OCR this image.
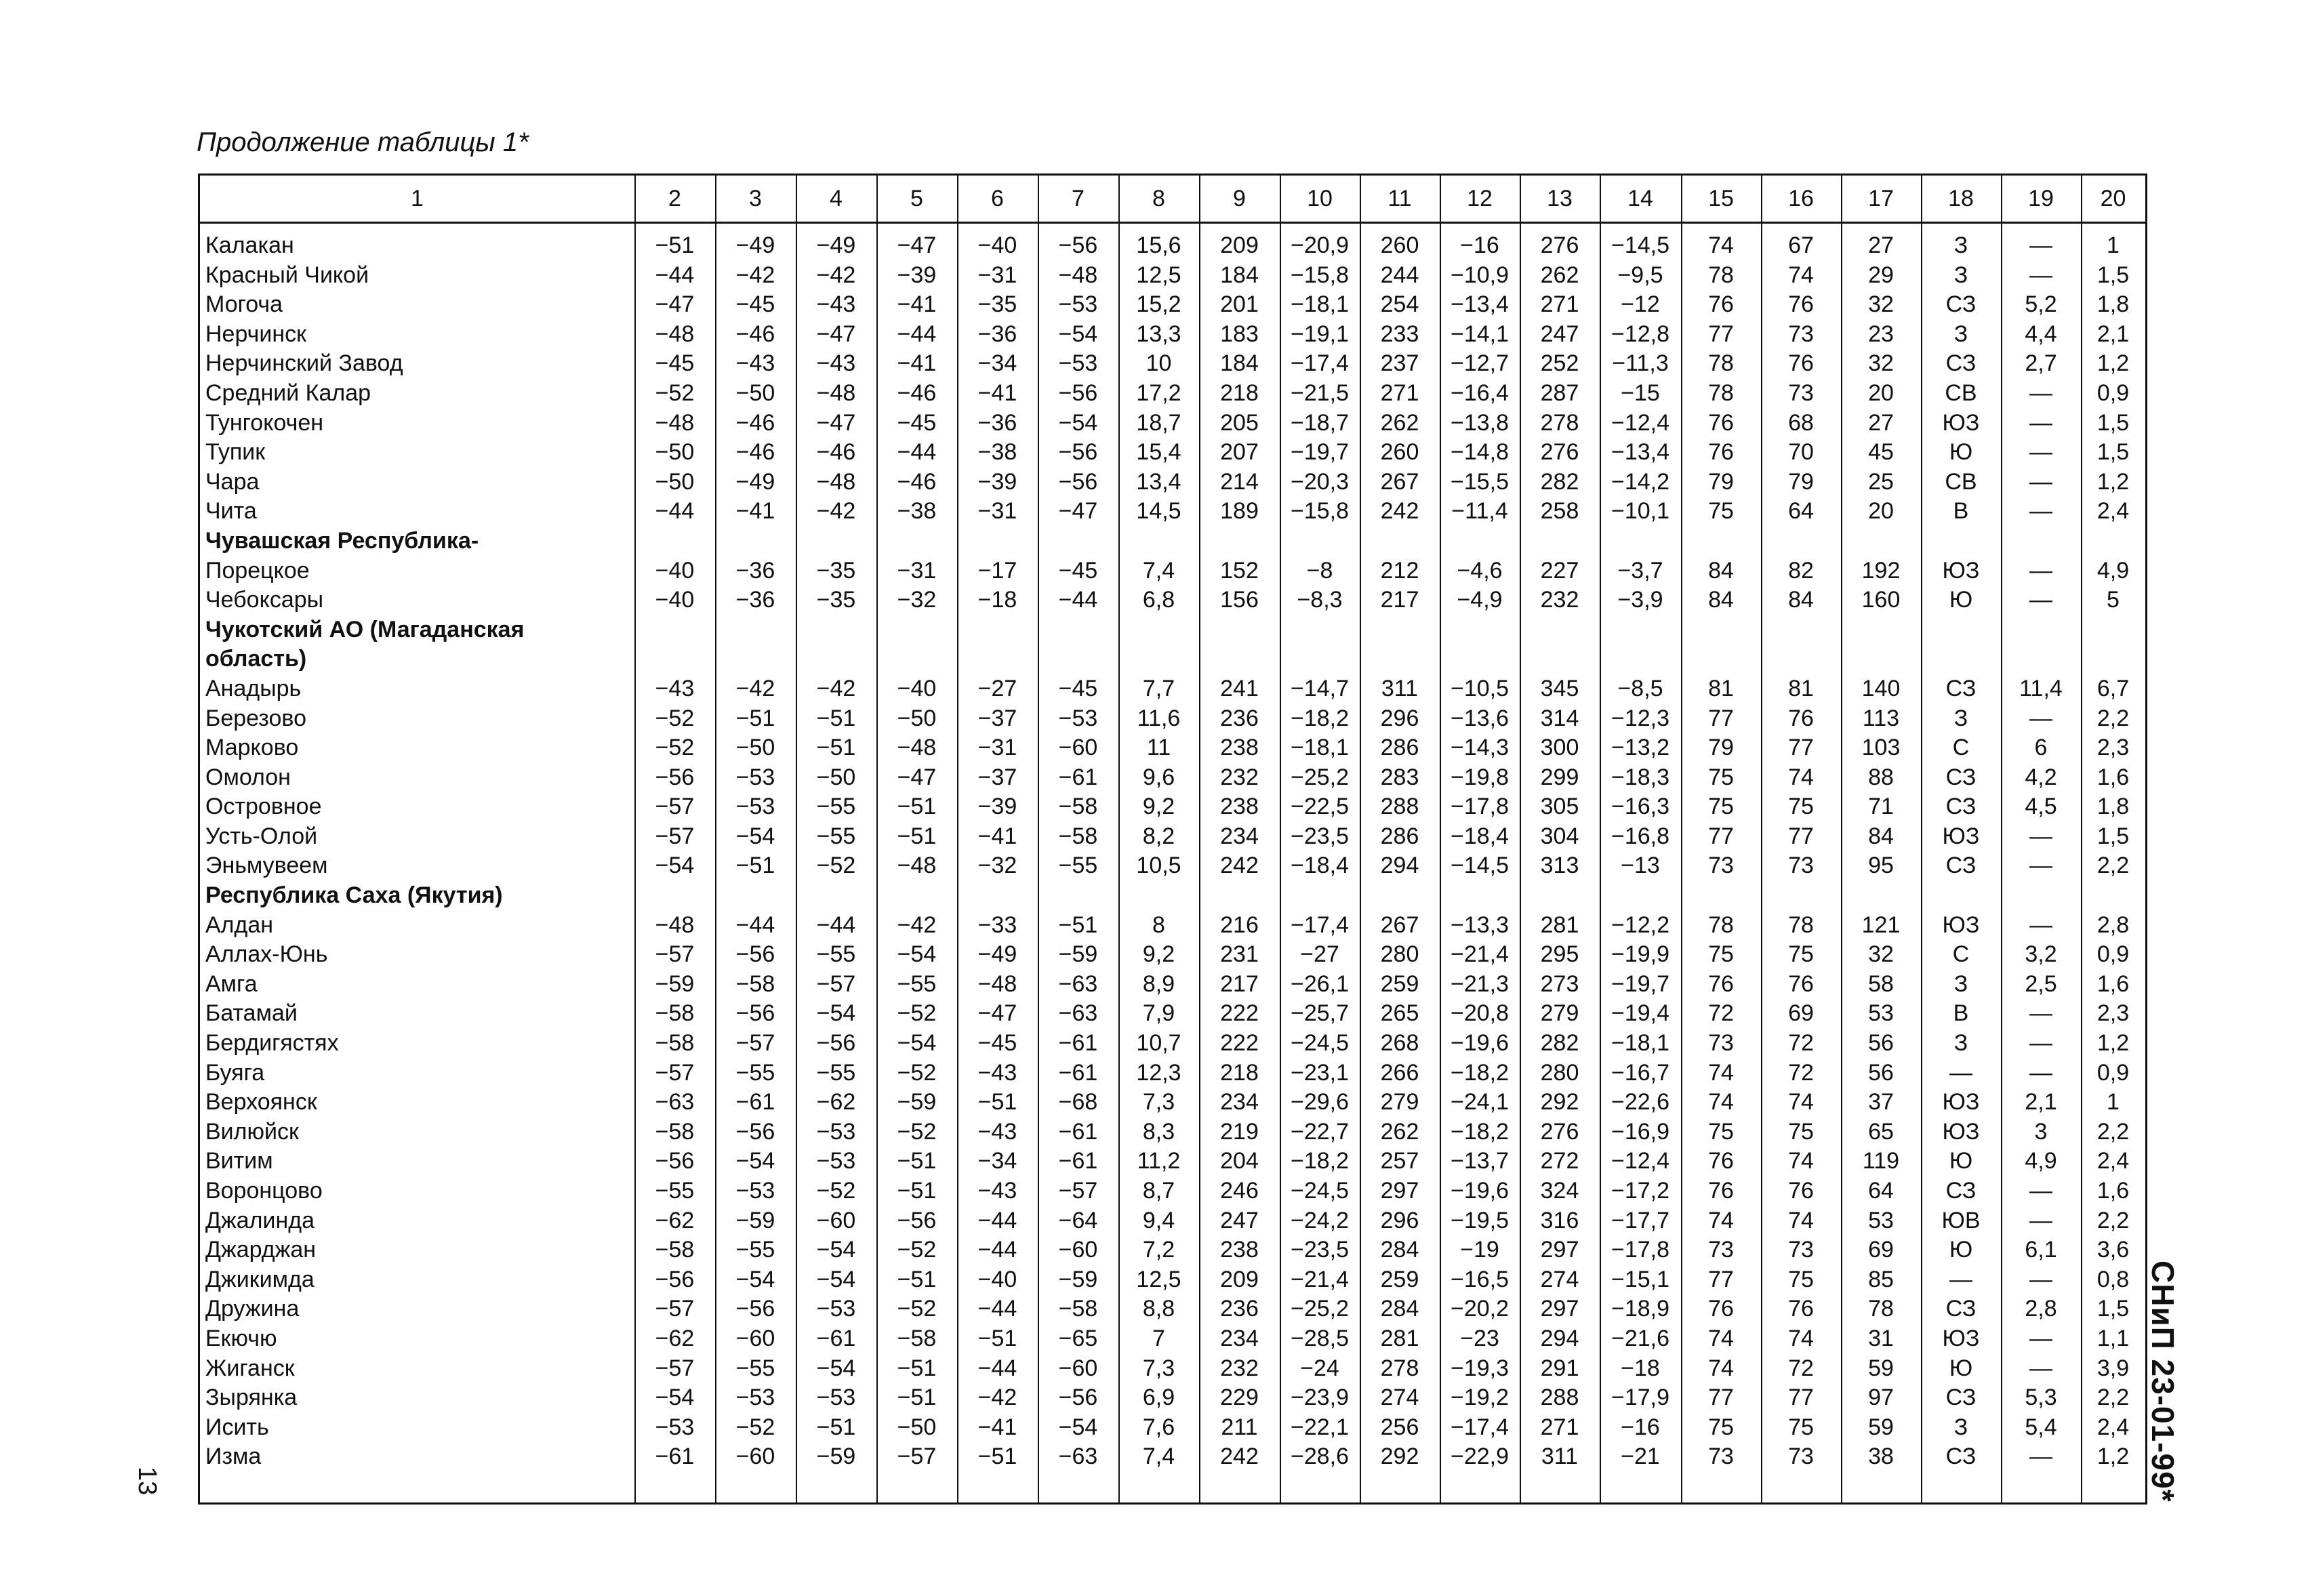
Продолжение таблицы 1*
1	2	3	4	5	6	7	8	9	10	11	12	13	14	15	16	17	18	19	20
Калакан	−51	−49	−49	−47	−40	−56	15,6	209	−20,9	260	−16	276	−14,5	74	67	27	З	—	1
Красный Чикой	−44	−42	−42	−39	−31	−48	12,5	184	−15,8	244	−10,9	262	−9,5	78	74	29	З	—	1,5
Могоча	−47	−45	−43	−41	−35	−53	15,2	201	−18,1	254	−13,4	271	−12	76	76	32	СЗ	5,2	1,8
Нерчинск	−48	−46	−47	−44	−36	−54	13,3	183	−19,1	233	−14,1	247	−12,8	77	73	23	З	4,4	2,1
Нерчинский Завод	−45	−43	−43	−41	−34	−53	10	184	−17,4	237	−12,7	252	−11,3	78	76	32	СЗ	2,7	1,2
Средний Калар	−52	−50	−48	−46	−41	−56	17,2	218	−21,5	271	−16,4	287	−15	78	73	20	СВ	—	0,9
Тунгокочен	−48	−46	−47	−45	−36	−54	18,7	205	−18,7	262	−13,8	278	−12,4	76	68	27	ЮЗ	—	1,5
Тупик	−50	−46	−46	−44	−38	−56	15,4	207	−19,7	260	−14,8	276	−13,4	76	70	45	Ю	—	1,5
Чара	−50	−49	−48	−46	−39	−56	13,4	214	−20,3	267	−15,5	282	−14,2	79	79	25	СВ	—	1,2
Чита	−44	−41	−42	−38	−31	−47	14,5	189	−15,8	242	−11,4	258	−10,1	75	64	20	В	—	2,4
Чувашская Республика-
Порецкое	−40	−36	−35	−31	−17	−45	7,4	152	−8	212	−4,6	227	−3,7	84	82	192	ЮЗ	—	4,9
Чебоксары	−40	−36	−35	−32	−18	−44	6,8	156	−8,3	217	−4,9	232	−3,9	84	84	160	Ю	—	5
Чукотский АО (Магаданская
область)
Анадырь	−43	−42	−42	−40	−27	−45	7,7	241	−14,7	311	−10,5	345	−8,5	81	81	140	СЗ	11,4	6,7
Березово	−52	−51	−51	−50	−37	−53	11,6	236	−18,2	296	−13,6	314	−12,3	77	76	113	З	—	2,2
Марково	−52	−50	−51	−48	−31	−60	11	238	−18,1	286	−14,3	300	−13,2	79	77	103	С	6	2,3
Омолон	−56	−53	−50	−47	−37	−61	9,6	232	−25,2	283	−19,8	299	−18,3	75	74	88	СЗ	4,2	1,6
Островное	−57	−53	−55	−51	−39	−58	9,2	238	−22,5	288	−17,8	305	−16,3	75	75	71	СЗ	4,5	1,8
Усть-Олой	−57	−54	−55	−51	−41	−58	8,2	234	−23,5	286	−18,4	304	−16,8	77	77	84	ЮЗ	—	1,5
Эньмувеем	−54	−51	−52	−48	−32	−55	10,5	242	−18,4	294	−14,5	313	−13	73	73	95	СЗ	—	2,2
Республика Саха (Якутия)
Алдан	−48	−44	−44	−42	−33	−51	8	216	−17,4	267	−13,3	281	−12,2	78	78	121	ЮЗ	—	2,8
Аллах-Юнь	−57	−56	−55	−54	−49	−59	9,2	231	−27	280	−21,4	295	−19,9	75	75	32	С	3,2	0,9
Амга	−59	−58	−57	−55	−48	−63	8,9	217	−26,1	259	−21,3	273	−19,7	76	76	58	З	2,5	1,6
Батамай	−58	−56	−54	−52	−47	−63	7,9	222	−25,7	265	−20,8	279	−19,4	72	69	53	В	—	2,3
Бердигястях	−58	−57	−56	−54	−45	−61	10,7	222	−24,5	268	−19,6	282	−18,1	73	72	56	З	—	1,2
Буяга	−57	−55	−55	−52	−43	−61	12,3	218	−23,1	266	−18,2	280	−16,7	74	72	56	—	—	0,9
Верхоянск	−63	−61	−62	−59	−51	−68	7,3	234	−29,6	279	−24,1	292	−22,6	74	74	37	ЮЗ	2,1	1
Вилюйск	−58	−56	−53	−52	−43	−61	8,3	219	−22,7	262	−18,2	276	−16,9	75	75	65	ЮЗ	3	2,2
Витим	−56	−54	−53	−51	−34	−61	11,2	204	−18,2	257	−13,7	272	−12,4	76	74	119	Ю	4,9	2,4
Воронцово	−55	−53	−52	−51	−43	−57	8,7	246	−24,5	297	−19,6	324	−17,2	76	76	64	СЗ	—	1,6
Джалинда	−62	−59	−60	−56	−44	−64	9,4	247	−24,2	296	−19,5	316	−17,7	74	74	53	ЮВ	—	2,2
Джарджан	−58	−55	−54	−52	−44	−60	7,2	238	−23,5	284	−19	297	−17,8	73	73	69	Ю	6,1	3,6
Джикимда	−56	−54	−54	−51	−40	−59	12,5	209	−21,4	259	−16,5	274	−15,1	77	75	85	—	—	0,8
Дружина	−57	−56	−53	−52	−44	−58	8,8	236	−25,2	284	−20,2	297	−18,9	76	76	78	СЗ	2,8	1,5
Екючю	−62	−60	−61	−58	−51	−65	7	234	−28,5	281	−23	294	−21,6	74	74	31	ЮЗ	—	1,1
Жиганск	−57	−55	−54	−51	−44	−60	7,3	232	−24	278	−19,3	291	−18	74	72	59	Ю	—	3,9
Зырянка	−54	−53	−53	−51	−42	−56	6,9	229	−23,9	274	−19,2	288	−17,9	77	77	97	СЗ	5,3	2,2
Исить	−53	−52	−51	−50	−41	−54	7,6	211	−22,1	256	−17,4	271	−16	75	75	59	З	5,4	2,4
Изма	−61	−60	−59	−57	−51	−63	7,4	242	−28,6	292	−22,9	311	−21	73	73	38	СЗ	—	1,2 СНиП 23-01-99*
13
